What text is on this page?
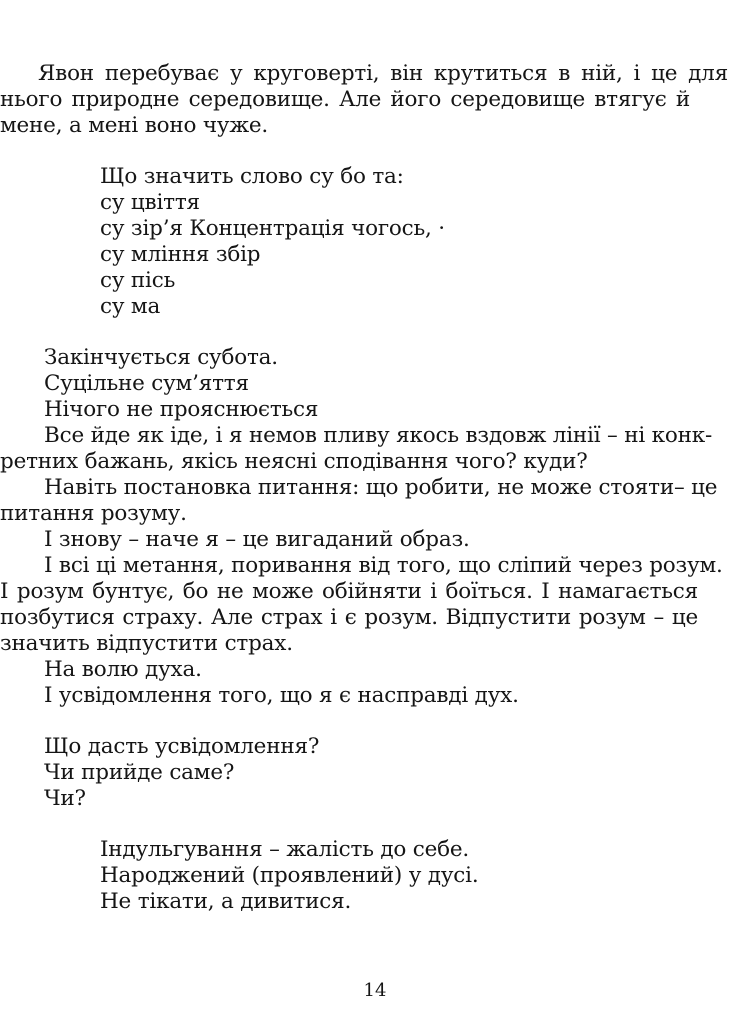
Явон перебуває у круговерті, він крутиться в ній, і це для
нього природне середовище. Але його середовище втягує й
мене, а мені воно чуже.
Що значить слово су бо та:
су цвіття
су зір’я Концентрація чогось, ·
су млiння збір
су пісь
су ма
Закінчується субота.
Суцільне сум’яття
Нічого не прояснюється
Все йде як іде, і я немов пливу якось вздовж лінії – ні конк-
ретних бажань, якісь неясні сподівання чого? куди?
Навіть постановка питання: що робити, не може стояти– це
питання розуму.
І знову – наче я – це вигаданий образ.
І всі ці метання, поривання від того, що сліпий через розум.
І розум бунтує, бо не може обійняти і боїться. І намагається
позбутися страху. Але страх і є розум. Відпустити розум – це
значить відпустити страх.
На волю духа.
І усвідомлення того, що я є насправді дух.
Що дасть усвідомлення?
Чи прийде саме?
Чи?
Індульгування – жалість до себе.
Народжений (проявлений) у дусі.
Не тікати, а дивитися.
14
